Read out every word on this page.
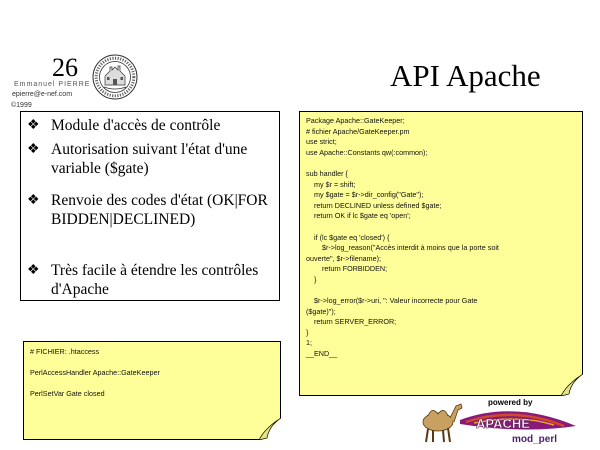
26
Emmanuel PIERRE
epierre@e-nef.com
©1999
API Apache
❖ Module d'accès de contrôle
❖ Autorisation suivant l'état d'une variable ($gate)
❖ Renvoie des codes d'état (OK|FORBIDDEN|DECLINED)
❖ Très facile à étendre les contrôles d'Apache
Package Apache::GateKeeper;
# fichier Apache/GateKeeper.pm
use strict;
use Apache::Constants qw(:common);

sub handler {
my $r = shift;
my $gate = $r->dir_config("Gate");
return DECLINED unless defined $gate;
return OK if lc $gate eq 'open';

if (lc $gate eq 'closed') {
$r->log_reason("Accès interdit à moins que la porte soit
ouverte", $r->filename);
return FORBIDDEN;
}

$r->log_error($r->uri, ": Valeur incorrecte pour Gate
($gate)");
return SERVER_ERROR;
}
1;
__END__
# FICHIER: .htaccess

PerlAccessHandler Apache::GateKeeper

PerlSetVar Gate closed
powered by
APACHE
mod_perl
